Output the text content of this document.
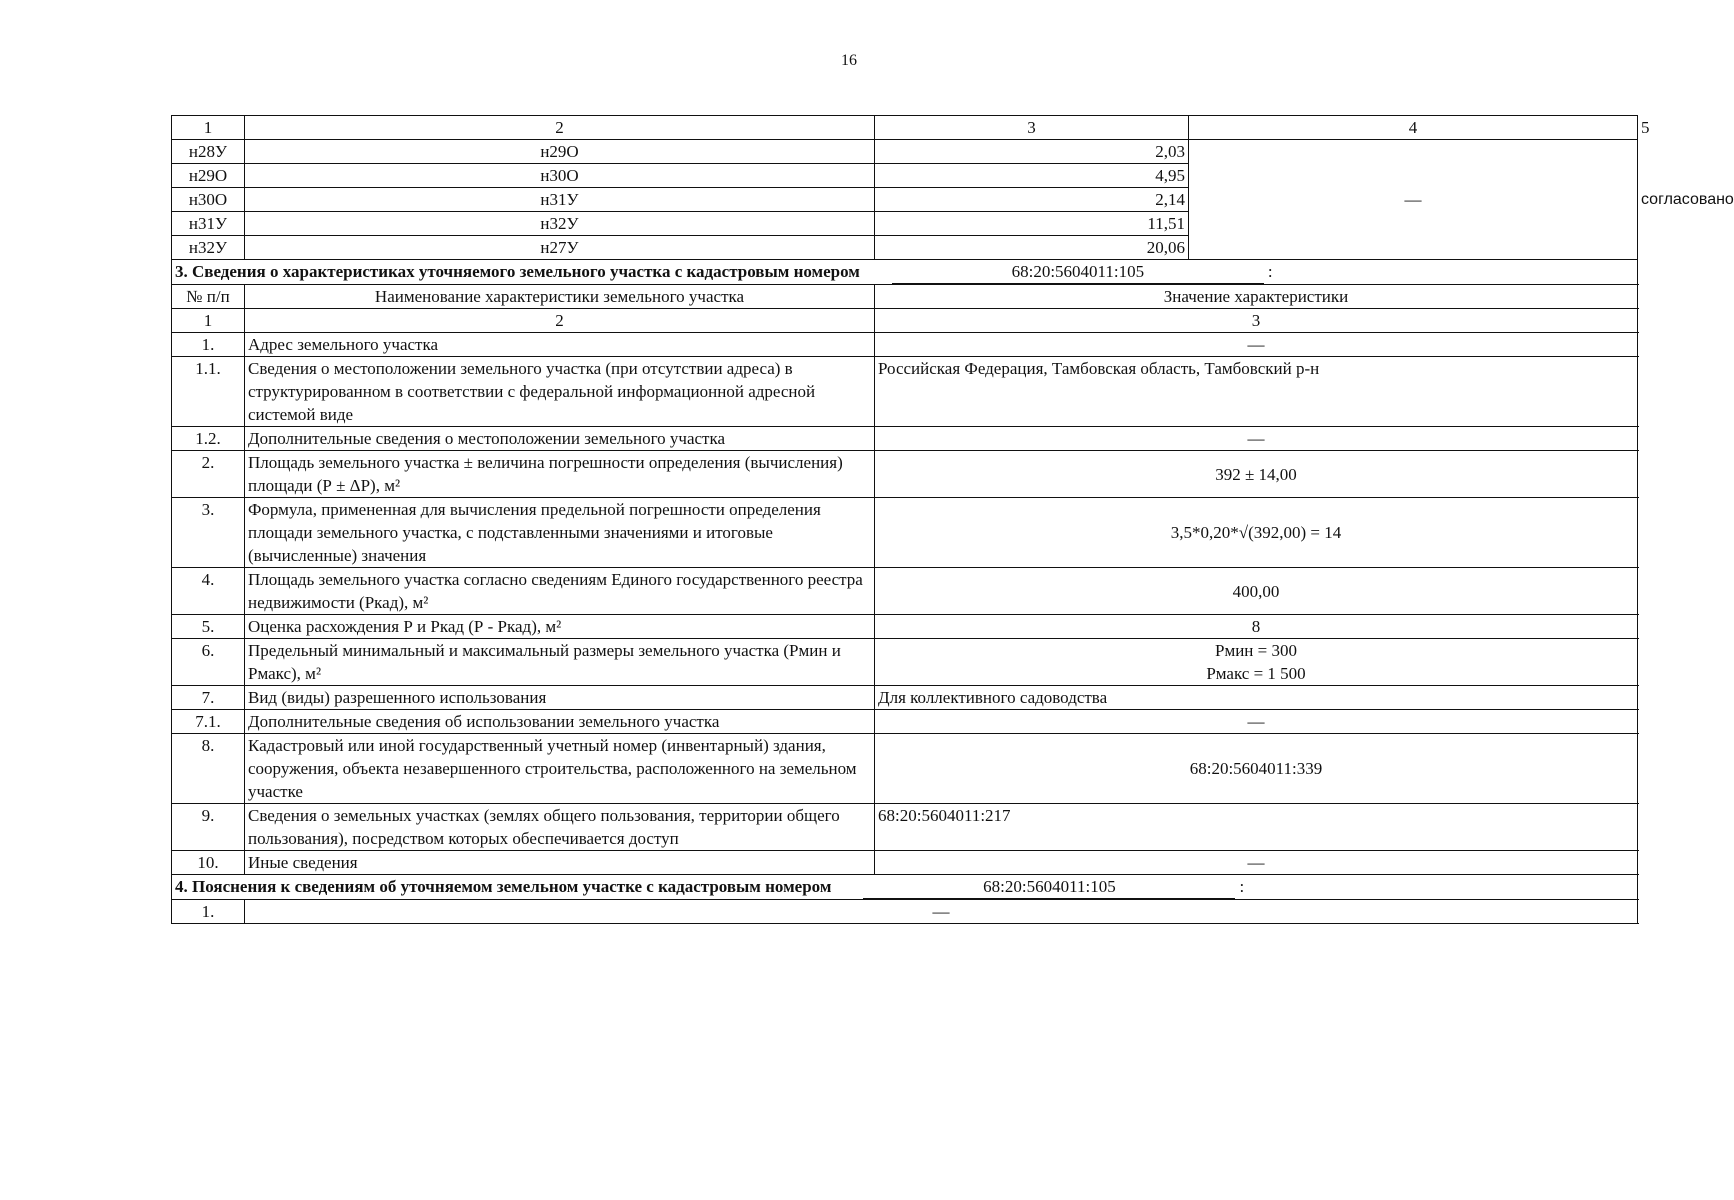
16
1	2	3	4	5
н28У	н29О	2,03	—	согласовано
н29О	н30О	4,95		
н30О	н31У	2,14		
н31У	н32У	11,51		
н32У	н27У	20,06		
3. Сведения о характеристиках уточняемого земельного участка с кадастровым номером 68:20:5604011:105 :				
№ п/п	Наименование характеристики земельного участка	Значение характеристики		
1	2	3		
1.	Адрес земельного участка	—		
1.1.	Сведения о местоположении земельного участка (при отсутствии адреса) в структурированном в соответствии с федеральной информационной адресной системой виде	Российская Федерация, Тамбовская область, Тамбовский р-н		
1.2.	Дополнительные сведения о местоположении земельного участка	—		
2.	Площадь земельного участка ± величина погрешности определения (вычисления) площади (Р ± ΔР), м²	392 ± 14,00		
3.	Формула, примененная для вычисления предельной погрешности определения площади земельного участка, с подставленными значениями и итоговые (вычисленные) значения	3,5*0,20*√(392,00) = 14		
4.	Площадь земельного участка согласно сведениям Единого государственного реестра недвижимости (Ркад), м²	400,00		
5.	Оценка расхождения Р и Ркад (Р - Ркад), м²	8		
6.	Предельный минимальный и максимальный размеры земельного участка (Рмин и Рмакс), м²	Рмин = 300
Рмакс = 1 500		

7.	Вид (виды) разрешенного использования	Для коллективного садоводства		
7.1.	Дополнительные сведения об использовании земельного участка	—		
8.	Кадастровый или иной государственный учетный номер (инвентарный) здания, сооружения, объекта незавершенного строительства, расположенного на земельном участке	68:20:5604011:339		
9.	Сведения о земельных участках (землях общего пользования, территории общего пользования), посредством которых обеспечивается доступ	68:20:5604011:217		
10.	Иные сведения	—		
4. Пояснения к сведениям об уточняемом земельном участке с кадастровым номером 68:20:5604011:105 :				
1.	—			
